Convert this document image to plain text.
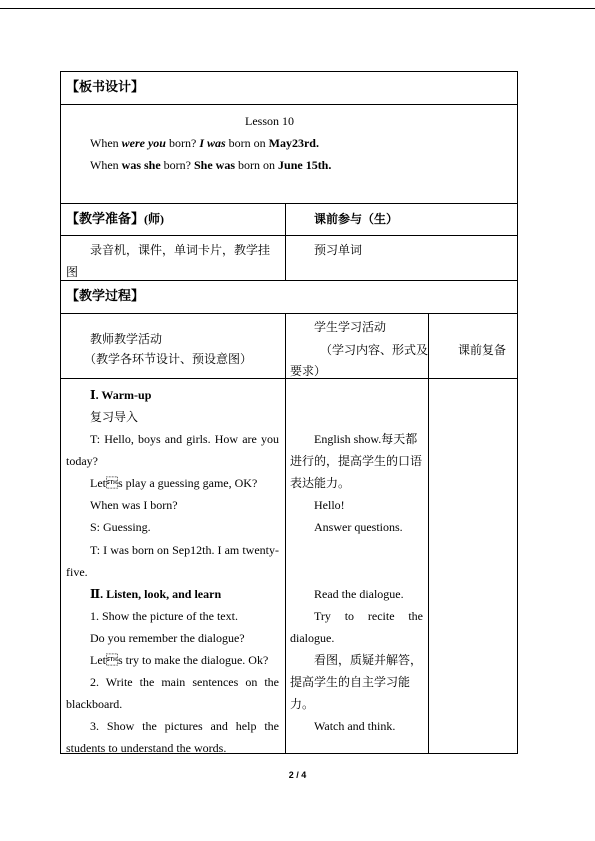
【板书设计】
Lesson 10
When were you born? I was born on May23rd.
When was she born? She was born on June 15th.
【教学准备】(师)	课前参与（生）
录音机，课件，单词卡片，教学挂
图
预习单词
【教学过程】
教师教学活动
（教学各环节设计、预设意图）
学生学习活动
（学习内容、形式及
要求）
课前复备
Ⅰ. Warm-up
复习导入
T: Hello, boys and girls. How are you
today?
Lets play a guessing game, OK?
When was I born?
S: Guessing.
T: I was born on Sep12th. I am twenty-
five.
Ⅱ. Listen, look, and learn
1. Show the picture of the text.
Do you remember the dialogue?
Lets try to make the dialogue. Ok?
2. Write the main sentences on the
blackboard.
3. Show the pictures and help the
students to understand the words.
English show.每天都
进行的，提高学生的口语
表达能力。
Hello!
Answer questions.
Read the dialogue.
Try to recite the
dialogue.
看图，质疑并解答，
提高学生的自主学习能
力。
Watch and think.
2 / 4
